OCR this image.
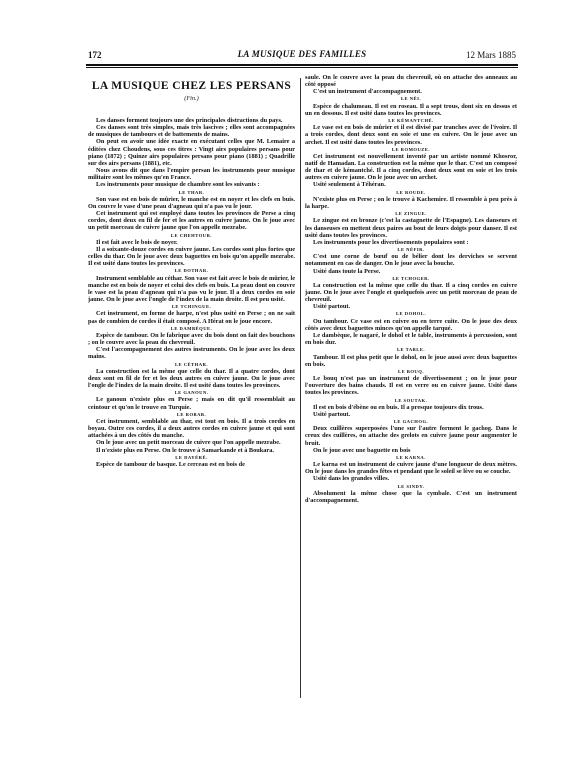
172	LA MUSIQUE DES FAMILLES	12 Mars 1885
LA MUSIQUE CHEZ LES PERSANS
(Fin.)

Les danses forment toujours une des principales distractions du pays.

Ces danses sont très simples, mais très lascives ; elles sont accompagnées de musiques de tambours et de battements de mains.

On peut en avoir une idée exacte en exécutant celles que M. Lemaire a éditées chez Choudens, sous ces titres : Vingt airs populaires persans pour piano (1872) ; Quinze airs populaires persans pour piano (1881) ; Quadrille sur des airs persans (1881), etc.

Nous avons dit que dans l'empire persan les instruments pour musique militaire sont les mêmes qu'en France.

Les instruments pour musique de chambre sont les suivants :

LE THAR.

Son vase est en bois de mûrier, le manche est en noyer et les clefs en buis. On couvre le vase d'une peau d'agneau qui n'a pas vu le jour.

Cet instrument qui est employé dans toutes les provinces de Perse a cinq cordes, dont deux en fil de fer et les autres en cuivre jaune. On le joue avec un petit morceau de cuivre jaune que l'on appelle mezrabe.

LE CHEHTOUR.

Il est fait avec le bois de noyer.

Il a soixante-douze cordes en cuivre jaune. Les cordes sont plus fortes que celles du thar. On le joue avec deux baguettes en bois qu'on appelle mezrabe. Il est usité dans toutes les provinces.

LE DOTHAR.

Instrument semblable au céthar. Son vase est fait avec le bois de mûrier, le manche est en bois de noyer et celui des clefs en buis. La peau dont on couvre le vase est la peau d'agneau qui n'a pas vu le jour. Il a deux cordes en soie jaune. On le joue avec l'ongle de l'index de la main droite. Il est peu usité.

LE TCHINGUE.

Cet instrument, en forme de harpe, n'est plus usité en Perse ; on ne sait pas de combien de cordes il était composé. A Hérat on le joue encore.

LE DAMBÉQUE.

Espèce de tambour. On le fabrique avec du bois dont on fait des bouchons ; on le couvre avec la peau du chevreuil.

C'est l'accompagnement des autres instruments. On le joue avec les deux mains.

LE CÉTHAR.

La construction est la même que celle du thar. Il a quatre cordes, dont deux sont en fil de fer et les deux autres en cuivre jaune. On le joue avec l'ongle de l'index de la main droite. Il est usité dans toutes les provinces.

LE GANOUN.

Le ganoun n'existe plus en Perse ; mais on dit qu'il ressemblait au ceintour et qu'on le trouve en Turquie.

LE ROBAB.

Cet instrument, semblable au thar, est tout en bois. Il a trois cordes en boyau. Outre ces cordes, il a deux autres cordes en cuivre jaune et qui sont attachées à un des côtés du manche.

On le joue avec un petit morceau de cuivre que l'on appelle mezrabe.

Il n'existe plus en Perse. On le trouve à Samarkande et à Boukara.

LE DAYÉRÉ.

Espèce de tambour de basque. Le cerceau est en bois de

saule. On le couvre avec la peau du chevreuil, où on attache des anneaux au côté opposé

C'est un instrument d'accompagnement.

LE NÉI.

Espèce de chalumeau. Il est en roseau. Il a sept trous, dont six en dessus et un en dessous. Il est usité dans toutes les provinces.

LE KÉMANTCHÉ.

Le vase est en bois de mûrier et il est divisé par tranches avec de l'ivoire. Il a trois cordes, dont deux sont en soie et une en cuivre. On le joue avec un archet. Il est usité dans toutes les provinces.

LE ROMOUZE.

Cet instrument est nouvellement inventé par un artiste nommé Khosror, natif de Hamadan. La construction est la même que le thar. C'est un composé de thar et de kémantché. Il a cinq cordes, dont deux sont en soie et les trois autres en cuivre jaune. On le joue avec un archet.

Usité seulement à Téhéran.

LE ROUDE.

N'existe plus en Perse ; on le trouve à Kachemire. Il ressemble à peu près à la harpe.

LE ZINGUE.

Le zingue est en bronze (c'est la castagnette de l'Espagne). Les danseurs et les danseuses en mettent deux paires au bout de leurs doigts pour danser. Il est usité dans toutes les provinces.

Les instruments pour les divertissements populaires sont :

LE NÉFIR.

C'est une corne de bœuf ou de bélier dont les derviches se servent notamment en cas de danger. On le joue avec la bouche.

Usité dans toute la Perse.

LE TCHOGER.

La construction est la même que celle du thar. Il a cinq cordes en cuivre jaune. On le joue avec l'ongle et quelquefois avec un petit morceau de peau de chevreuil.

Usité partout.

LE DOHOL.

Ou tambour. Ce vase est en cuivre ou en terre cuite. On le joue des deux côtés avec deux baguettes minces qu'on appelle tarqué.

Le dambèque, le nagaré, le dohol et le table, instruments à percussion, sont en bois dur.

LE TABLE.

Tambour. Il est plus petit que le dohol, on le joue aussi avec deux baguettes en bois.

LE BOUQ.

Le bouq n'est pas un instrument de divertissement ; on le joue pour l'ouverture des bains chauds. Il est en verre ou en cuivre jaune. Usité dans toutes les provinces.

LE SOUTAK.

Il est en bois d'ébène ou en buis. Il a presque toujours dix trous.

Usité partout.

LE GACHOG.

Deux cuillères superposées l'une sur l'autre forment le gachog. Dans le creux des cuillères, on attache des grelots en cuivre jaune pour augmenter le bruit.

On le joue avec une baguette en bois

LE KARNA.

Le karna est un instrument de cuivre jaune d'une longueur de deux mètres. On le joue dans les grandes fêtes et pendant que le soleil se lève ou se couche.

Usité dans les grandes villes.

LE SINDY.

Absolument la même chose que la cymbale. C'est un instrument d'accompagnement.
